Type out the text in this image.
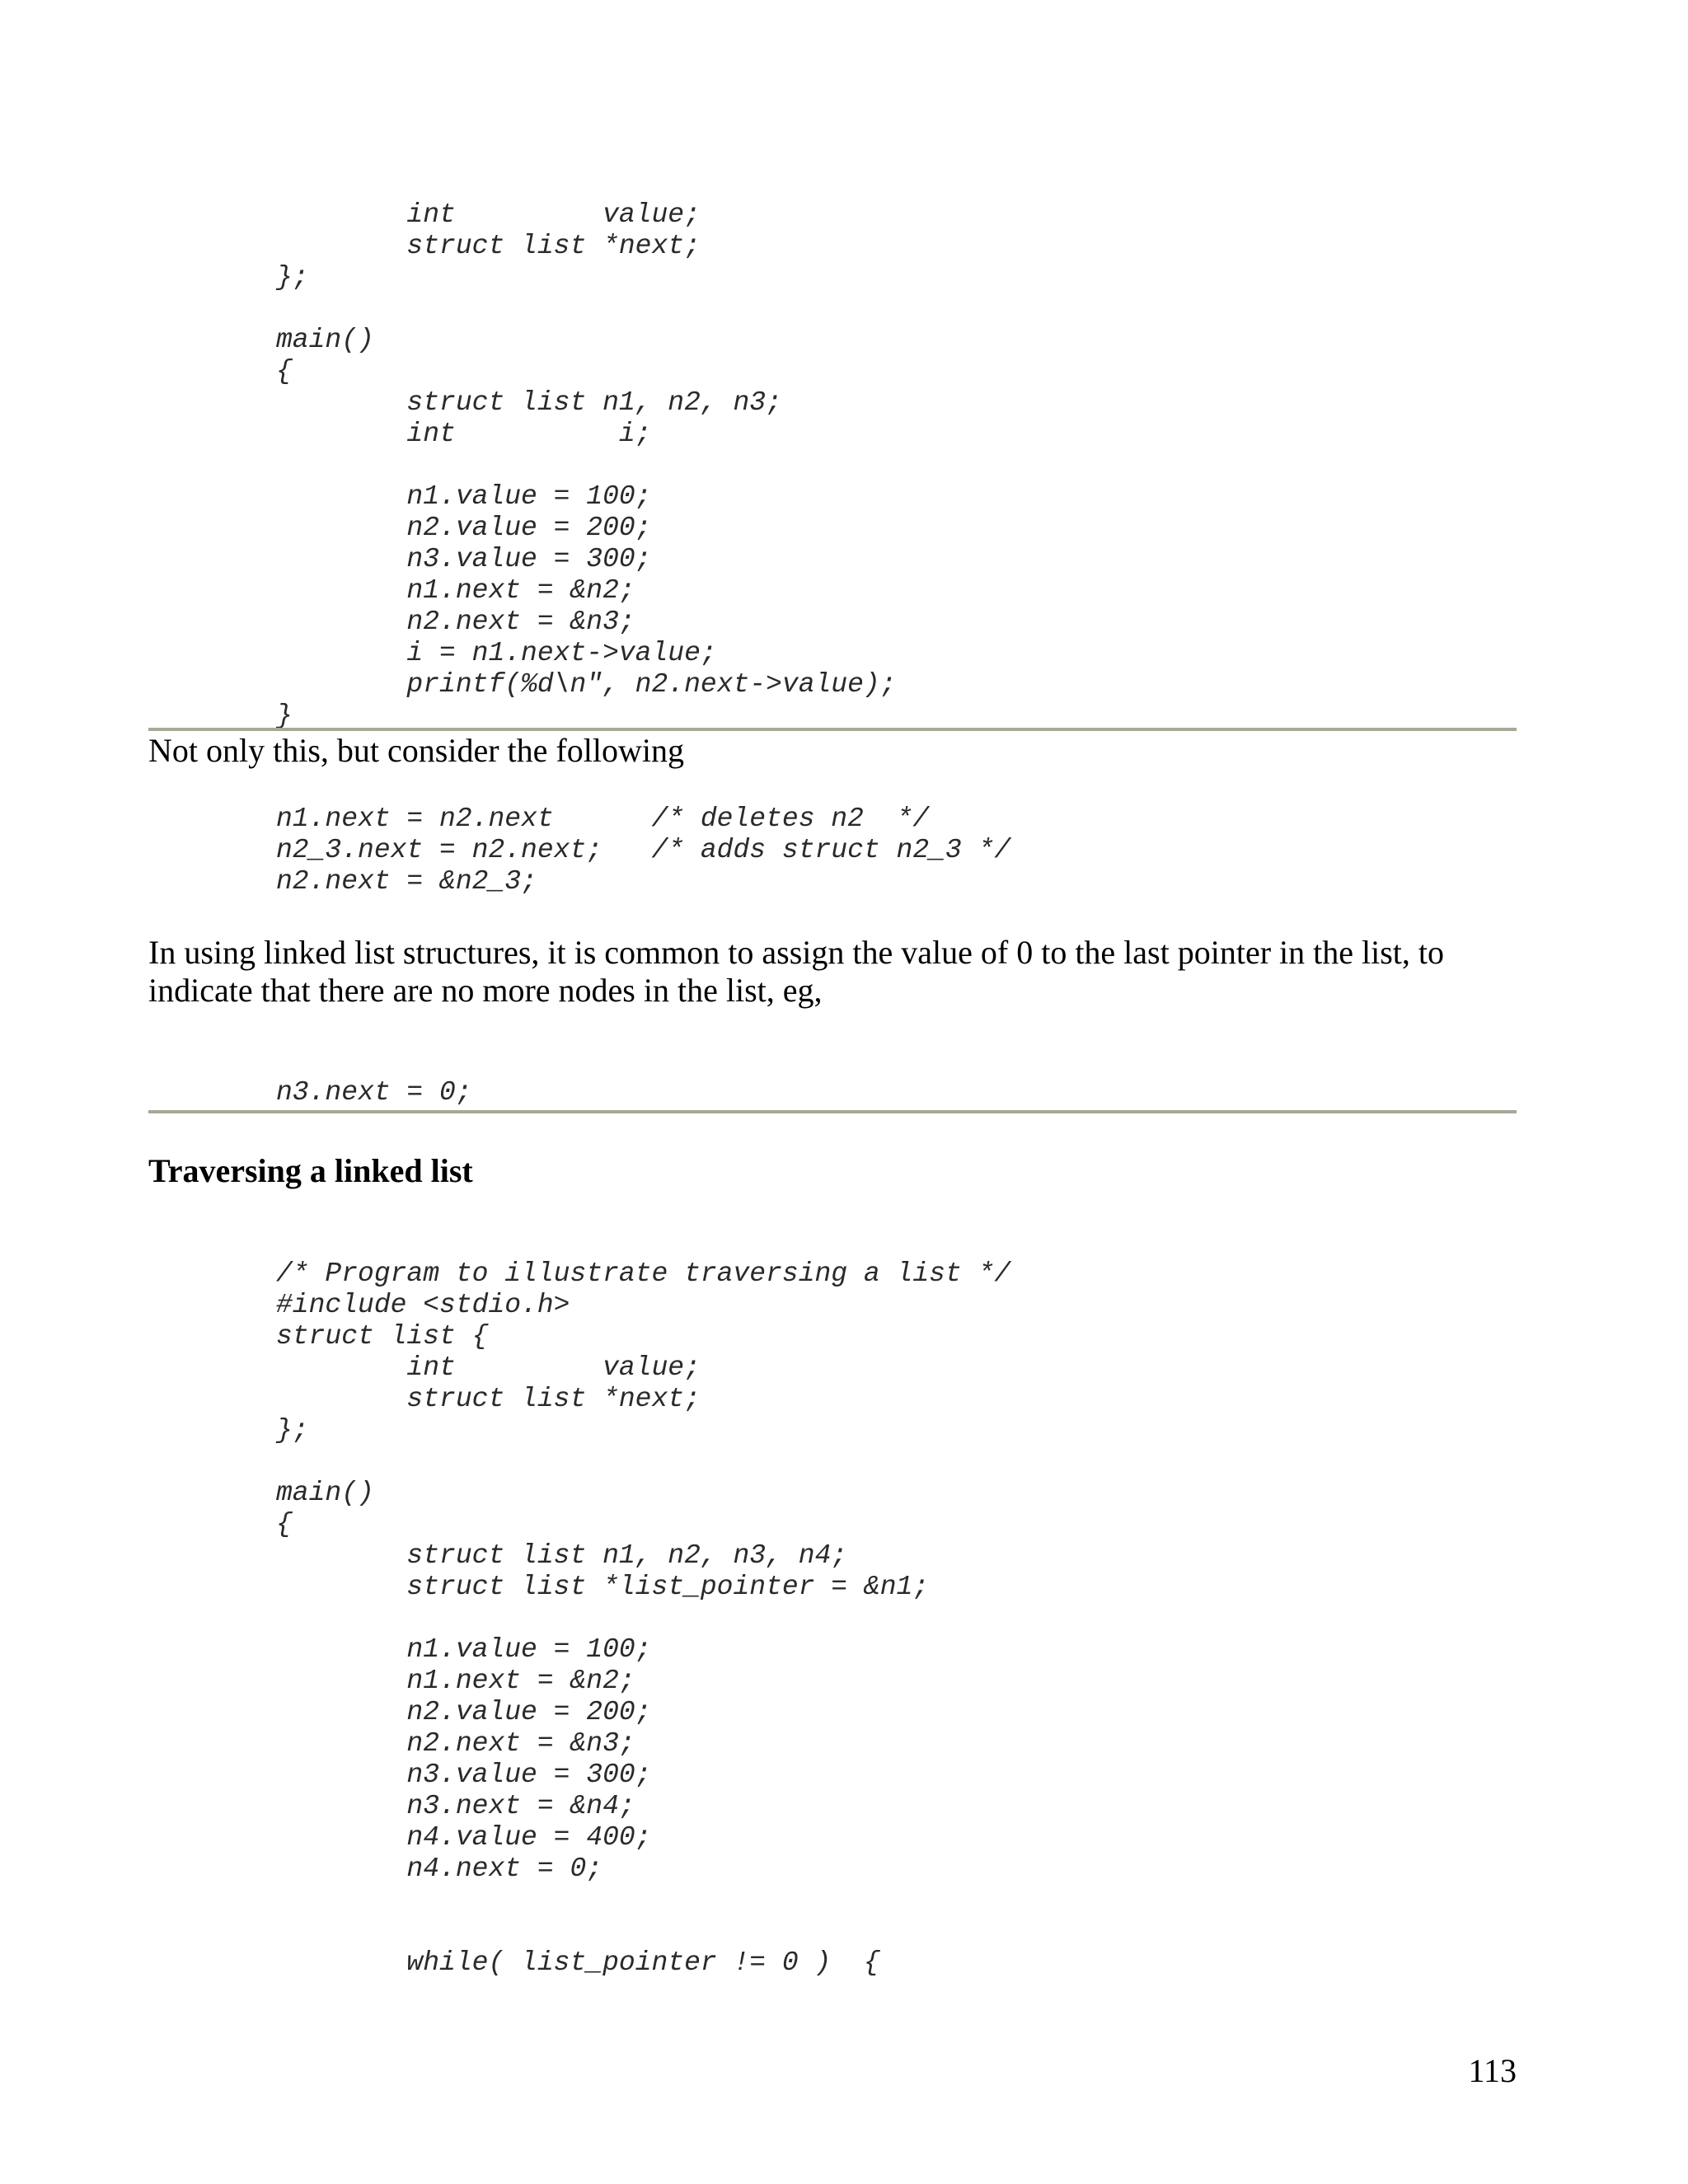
int         value;
struct list *next;
};

main()
{
struct list n1, n2, n3;
int          i;

n1.value = 100;
n2.value = 200;
n3.value = 300;
n1.next = &n2;
n2.next = &n3;
i = n1.next->value;
printf(%d\n", n2.next->value);
}

Not only this, but consider the following

n1.next = n2.next      /* deletes n2  */
n2_3.next = n2.next;   /* adds struct n2_3 */
n2.next = &n2_3;

In using linked list structures, it is common to assign the value of 0 to the last pointer in the list, to indicate that there are no more nodes in the list, eg,

n3.next = 0;
Traversing a linked list
/* Program to illustrate traversing a list */
#include <stdio.h>
struct list {
int         value;
struct list *next;
};

main()
{
struct list n1, n2, n3, n4;
struct list *list_pointer = &n1;

n1.value = 100;
n1.next = &n2;
n2.value = 200;
n2.next = &n3;
n3.value = 300;
n3.next = &n4;
n4.value = 400;
n4.next = 0;

while( list_pointer != 0 )  {

113
